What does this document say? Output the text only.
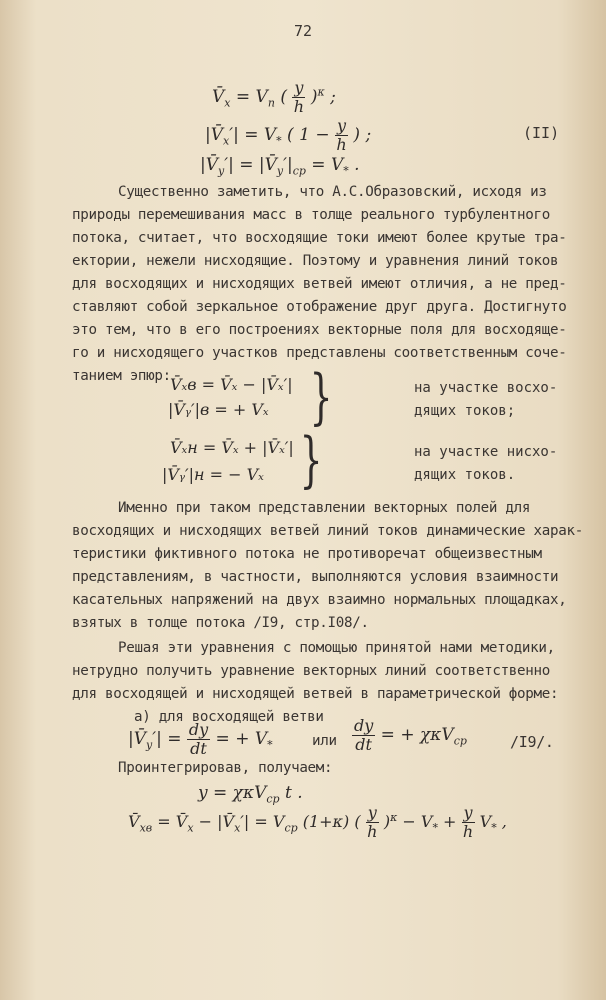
72
$V̄_x = V_n$ ( $\frac{y}{h} )^\kappa$ ;
$|V̄_x'| = V_*$ ( $1 - \frac{y}{h}$ ) ;	(II)
$|V̄_y'|$ = $|V̄_y'|_{ср} = V_*$ .
Существенно заметить, что А.С.Образовский, исходя из
природы перемешивания масс в толще реального турбулентного
потока, считает, что восходящие токи имеют более крутые тра-
ектории, нежели нисходящие. Поэтому и уравнения линий токов
для восходящих и нисходящих ветвей имеют отличия, а не пред-
ставляют собой зеркальное отображение друг друга. Достигнуто
это тем, что в его построениях векторные поля для восходяще-
го и нисходящего участков представлены соответственным соче-
танием эпюр: V̄ₓв = V̄ₓ − |V̄ₓ′|
|V̄ᵧ′|в = + Vₓ }	на участке восхо-
дящих токов;
V̄ₓн = V̄ₓ + |V̄ₓ′|
|V̄ᵧ′|н = − Vₓ }	на участке нисхо-
дящих токов.
Именно при таком представлении векторных полей для
восходящих и нисходящих ветвей линий токов динамические харак-
теристики фиктивного потока не противоречат общеизвестным
представлениям, в частности, выполняются условия взаимности
касательных напряжений на двух взаимно нормальных площадках,
взятых в толще потока /I9, стр.I08/.
Решая эти уравнения с помощью принятой нами методики,
нетрудно получить уравнение векторных линий соответственно
для восходящей и нисходящей ветвей в параметрической форме:
а) для восходящей ветви
$|V̄_y'| = \frac{dy}{dt}$ = + $V_*$	или $\frac{dy}{dt}$ = + χκV$_{ср}$	/I9/.
Проинтегрировав, получаем:
y = χκV$_{ср}$ t .
$V̄_{xв}$ = $V̄_x$ − $|V̄_x'| = V_{ср}$ (1+κ) ( $\frac{y}{h} )^\kappa - V_* + \frac{y}{h} V_*$ ,
